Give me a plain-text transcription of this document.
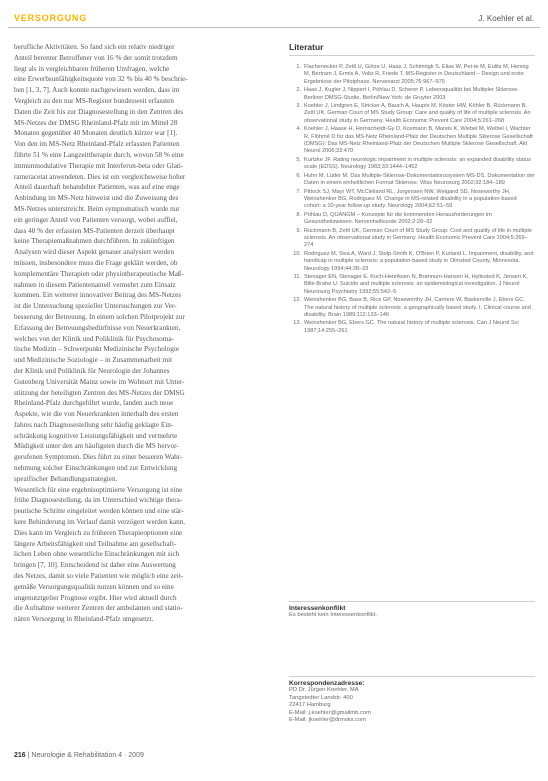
VERSORGUNG	J. Koehler et al.
berufliche Aktivitäten. So fand sich ein relativ niedriger
Anteil berenter Betroffener von 16 % der somit trotzdem
liegt als in vergleichbaren früheren Umfragen, welche
eine Erwerbsunfähigkeitsquote von 32 % bis 40 % beschrie-
ben [1, 3, 7]. Auch konnte nachgewiesen werden, dass im
Vergleich zu den nur MS-Register bundesweit erfassten
Daten die Zeit bis zur Diagnosestellung in den Zentren des
MS-Netzes der DMSG Rheinland-Pfalz mit im Mittel 28
Monaten gegenüber 40 Monaten deutlich kürzer war [1].
Von den im MS-Netz Rheinland-Pfalz erfassten Patienten
führte 51 % eine Langzeittherapie durch, wovon 58 % eine
immunmodulative Therapie mit Interferon-beta oder Glati-
rameracetat anwendeten. Dies ist ein vergleichsweise hoher
Anteil dauerhaft behandelter Patienten, was auf eine enge
Anbindung im MS-Netz hinweist und die Zuweisung des
MS-Netzes unterstreicht. Beim symptomatisch wurde nur
ein geringer Anteil von Patienten versorgt, wobei auffiel,
dass 40 % der erfassten MS-Patienten derzeit überhaupt
keine Therapiemaßnahmen durchführen. In zukünftigen
Analysen wird dieser Aspekt genauer analysiert werden
müssen, insbesondere muss die Frage geklärt werden, ob
komplementäre Therapien oder physiotherapeutische Maß-
nahmen in diesem Patientenanteil vermehrt zum Einsatz
kommen. Ein weiterer innovativer Beitrag des MS-Netzes
ist die Untersuchung spezieller Untersuchungen zur Ver-
besserung der Betreuung. In einem solchen Pilotprojekt zur
Erfassung der Betreuungsbedürfnisse von Neuerkrankten,
welches von der Klinik und Poliklinik für Psychosoma-
tische Medizin – Schwerpunkt Medizinische Psychologie
und Medizinische Soziologie – in Zusammenarbeit mit
der Klinik und Poliklinik für Neurologie der Johannes
Gutenberg Universität Mainz sowie im Wohnort mit Unter-
stützung der beteiligten Zentren des MS-Netzes der DMSG
Rheinland-Pfalz durchgeführt wurde, fanden auch neue
Aspekte, wie die von Neuerkrankten innerhalb des ersten
Jahres nach Diagnosestellung sehr häufig geklagte Ein-
schränkung kognitiver Leistungsfähigkeit und vermehrte
Müdigkeit unter den am häufigsten durch die MS hervor-
gerufenen Symptomen. Dies führt zu einer besseren Wahr-
nehmung solcher Einschränkungen und zur Entwicklung
spezifischer Behandlungsstrategien.
Wesentlich für eine ergebnisoptimierte Versorgung ist eine
frühe Diagnosestellung, da im Unterschied wichtige thera-
peutische Schritte eingeleitet werden können und eine stär-
kere Behinderung im Verlauf damit verzögert werden kann.
Dies kann im Vergleich zu früheren Therapieoptionen eine
längere Arbeitsfähigkeit und Teilnahme am gesellschaft-
lichen Leben ohne wesentliche Einschränkungen mit sich
bringen [7, 10]. Entscheidend ist daher eine Auswertung
des Netzes, damit so viele Patienten wie möglich eine zeit-
gemäße Versorgungsqualität nutzen können und so eine
ungenutztgelier Prognose ergibt. Hier wird aktuell durch
die Aufnahme weiterer Zentren der ambulanten und statio-
nären Versorgung in Rheinland-Pfalz umgesetzt.
Literatur
1. Flachenecker P, Zettl U, Götze U, Haas J, Schimrigk S, Elias W, Pet-te M, Eulitz M, Hennig M, Bertram J, Ermis A, Voltz R, Friede T. MS-Register in Deutschland – Design und erste Ergebnisse der Pilotphase. Nervenarzt 2005;76:967–975
2. Haas J, Kugler J, Nippert I, Pöhlau D, Scherer P. Lebensqualität bei Multipler Sklerose. Berliner DMSG-Studie. Berlin/New York: de Gruyter 2003
3. Koehler J, Lindgren E, Stricker A, Bauch A, Haupts M, Köster HW, Köhler B, Rückmann B, Zettl UK. German Court of MS Study Group: Care and quality of life of multiple sclerosis. An observational study in Germany. Health Economic Prevent Care 2004;5:261–268
4. Koehler J, Haase H, Hornscheidt-Gy D, Kosmann B, Mareis K, Wiebel M, Weibel I, Wachter R, Flöhmé D für das MS-Netz Rheinland-Pfalz der Deutschen Multiple Sklerose Gesellschaft (DMSG): Das MS-Netz Rheinland-Pfalz der Deutschen Multiple Sklerose Gesellschaft. Akt Neurol 2006;33:470
5. Kurtzke JF. Rating neurologic impairment in multiple sclerosis: an expanded disability status scale (EDSS). Neurology 1983;33:1444–1452
6. Huhn M, Lüder M. Das Multiple-Sklerose-Dokumentationssystem MS-DS. Dokumentation der Daten in einem einheitlichen Format Sklerose. Wiss Neurosurg 2002;32:184–189
7. Pittock SJ, Mayr WT, McClelland RL, Jorgensen NW, Weigand SD, Noseworthy JH, Weinshenker BG, Rodriguez M. Change in MS-related disability in a population-based cohort: a 10-year follow-up study. Neurology 2004;62:51–59
8. Pöhlau D, QUANGM – Konzepte für die kommenden Herausforderungen im Gesundheitswesen. Nervenheilkunde 2002;2:28–32
9. Rückmann B, Zettl UK, German Court of MS Study Group: Cost and quality of life in multiple sclerosis. An observational study in Germany. Health Economic Prevent Care 2004;5:269–274
10. Rodriguez M, Siva A, Ward J, Stolp-Smith K, O'Brien P, Kurland L. Impairment, disability, and handicap in multiple sclerosis: a population-based study in Olmsted County, Minnesota. Neurology 1994;44:28–33
11. Stenager EN, Stenager E, Koch-Henriksen N, Brønnum-Hansen H, Hyllested K, Jensen K, Bille-Brahe U. Suicide and multiple sclerosis: an epidemiological investigation. J Neurol Neurosurg Psychiatry 1992;55:542–5
12. Weinshenker BG, Bass B, Rice GP, Noseworthy JH, Carriere W, Baskerville J, Ebers GC. The natural history of multiple sclerosis: a geographically based study. I. Clinical course and disability. Brain 1989;112:133–146
13. Weinshenker BG, Ebers GC. The natural history of multiple sclerosis. Can J Neurol Sci 1987;14:255–261
Interessenkonflikt
Es besteht kein Interessenkonflikt.
Korrespondenzadresse:
PD Dr. Jürgen Koehler, MA
Tangstedter Landstr. 400
22417 Hamburg
E-Mail: j.koehler@gmailmb.com
E-Mail: jkoehler@drmsks.com
216 | Neurologie & Rehabilitation 4 · 2009
